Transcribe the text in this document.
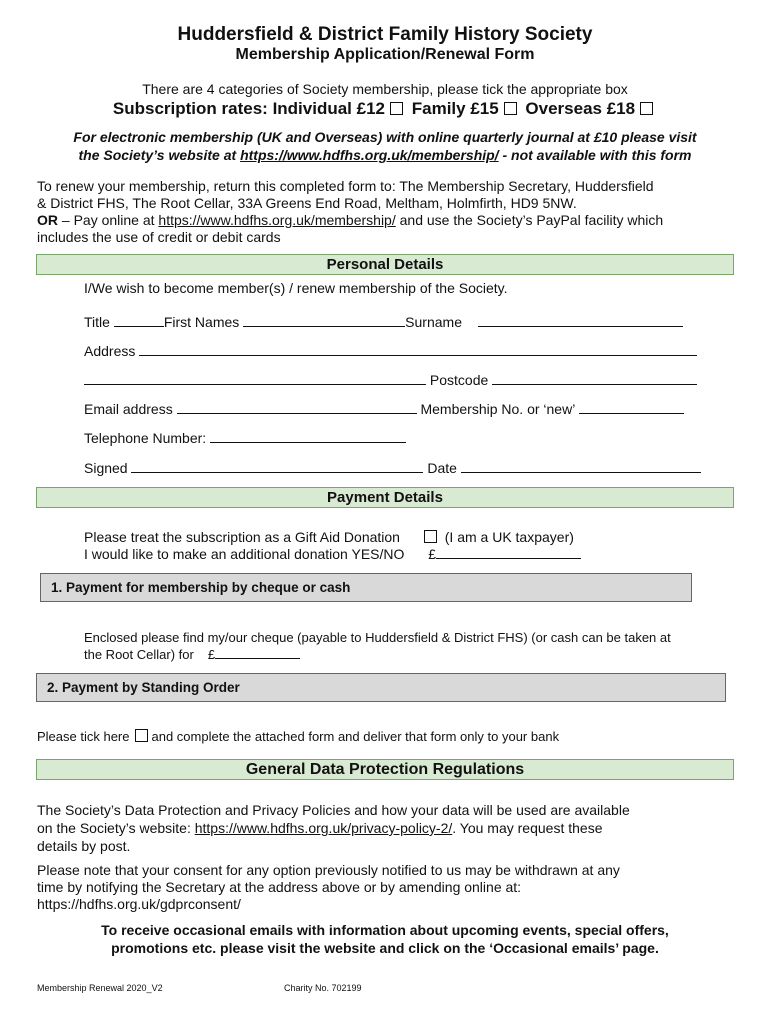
Huddersfield & District Family History Society
Membership Application/Renewal Form
There are 4 categories of Society membership, please tick the appropriate box
Subscription rates: Individual £12 Family £15 Overseas £18
For electronic membership (UK and Overseas) with online quarterly journal at £10 please visit
the Society’s website at https://www.hdfhs.org.uk/membership/ - not available with this form
To renew your membership, return this completed form to: The Membership Secretary, Huddersfield
& District FHS, The Root Cellar, 33A Greens End Road, Meltham, Holmfirth, HD9 5NW.
OR – Pay online at https://www.hdfhs.org.uk/membership/ and use the Society’s PayPal facility which
includes the use of credit or debit cards
Personal Details
I/We wish to become member(s) / renew membership of the Society.
Title	First Names	Surname
Address
Postcode
Email address	Membership No. or ‘new’
Telephone Number:
Signed	Date
Payment Details
Please treat the subscription as a Gift Aid Donation	(I am a UK taxpayer)
I would like to make an additional donation YES/NO £
1. Payment for membership by cheque or cash
Enclosed please find my/our cheque (payable to Huddersfield & District FHS) (or cash can be taken at
the Root Cellar) for £
2. Payment by Standing Order
Please tick here and complete the attached form and deliver that form only to your bank
General Data Protection Regulations
The Society’s Data Protection and Privacy Policies and how your data will be used are available
on the Society’s website: https://www.hdfhs.org.uk/privacy-policy-2/. You may request these
details by post.
Please note that your consent for any option previously notified to us may be withdrawn at any
time by notifying the Secretary at the address above or by amending online at:
https://hdfhs.org.uk/gdprconsent/
To receive occasional emails with information about upcoming events, special offers,
promotions etc. please visit the website and click on the ‘Occasional emails’ page.
Membership Renewal 2020_V2	Charity No. 702199
